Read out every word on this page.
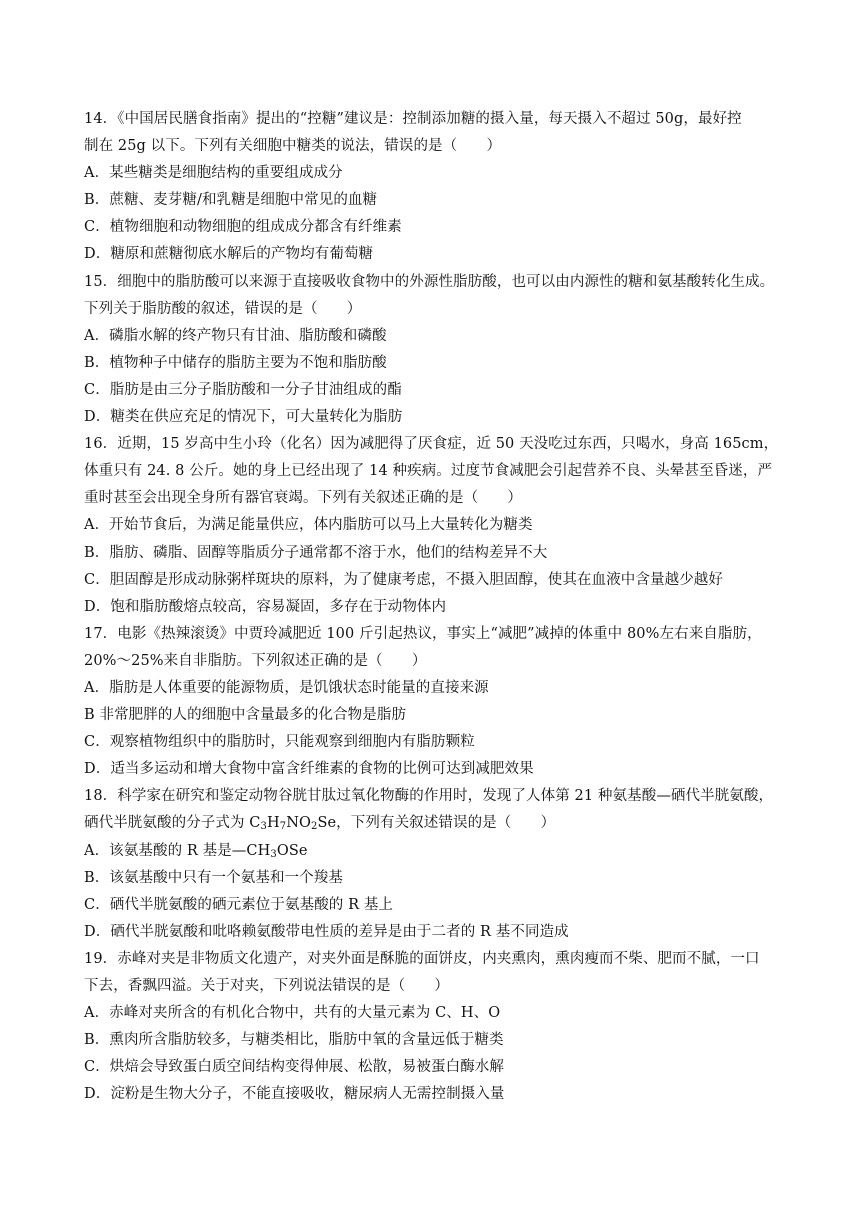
14．《中国居民膳食指南》提出的“控糖”建议是：控制添加糖的摄入量，每天摄入不超过 50g，最好控
制在 25g 以下。下列有关细胞中糖类的说法，错误的是（　　）
A．某些糖类是细胞结构的重要组成成分
B．蔗糖、麦芽糖/和乳糖是细胞中常见的血糖
C．植物细胞和动物细胞的组成成分都含有纤维素
D．糖原和蔗糖彻底水解后的产物均有葡萄糖
15．细胞中的脂肪酸可以来源于直接吸收食物中的外源性脂肪酸，也可以由内源性的糖和氨基酸转化生成。
下列关于脂肪酸的叙述，错误的是（　　）
A．磷脂水解的终产物只有甘油、脂肪酸和磷酸
B．植物种子中储存的脂肪主要为不饱和脂肪酸
C．脂肪是由三分子脂肪酸和一分子甘油组成的酯
D．糖类在供应充足的情况下，可大量转化为脂肪
16．近期，15 岁高中生小玲（化名）因为减肥得了厌食症，近 50 天没吃过东西，只喝水，身高 165cm，
体重只有 24. 8 公斤。她的身上已经出现了 14 种疾病。过度节食减肥会引起营养不良、头晕甚至昏迷，严
重时甚至会出现全身所有器官衰竭。下列有关叙述正确的是（　　）
A．开始节食后，为满足能量供应，体内脂肪可以马上大量转化为糖类
B．脂肪、磷脂、固醇等脂质分子通常都不溶于水，他们的结构差异不大
C．胆固醇是形成动脉粥样斑块的原料，为了健康考虑，不摄入胆固醇，使其在血液中含量越少越好
D．饱和脂肪酸熔点较高，容易凝固，多存在于动物体内
17．电影《热辣滚烫》中贾玲减肥近 100 斤引起热议，事实上“减肥”减掉的体重中 80%左右来自脂肪，
20%～25%来自非脂肪。下列叙述正确的是（　　）
A．脂肪是人体重要的能源物质，是饥饿状态时能量的直接来源
B 非常肥胖的人的细胞中含量最多的化合物是脂肪
C．观察植物组织中的脂肪时，只能观察到细胞内有脂肪颗粒
D．适当多运动和增大食物中富含纤维素的食物的比例可达到减肥效果
18．科学家在研究和鉴定动物谷胱甘肽过氧化物酶的作用时，发现了人体第 21 种氨基酸—硒代半胱氨酸，
硒代半胱氨酸的分子式为 $C_3H_7NO_2Se$，下列有关叙述错误的是（　　）
A．该氨基酸的 R 基是$—CH_3OSe$
B．该氨基酸中只有一个氨基和一个羧基
C．硒代半胱氨酸的硒元素位于氨基酸的 R 基上
D．硒代半胱氨酸和吡咯赖氨酸带电性质的差异是由于二者的 R 基不同造成
19．赤峰对夹是非物质文化遗产，对夹外面是酥脆的面饼皮，内夹熏肉，熏肉瘦而不柴、肥而不腻，一口
下去，香飘四溢。关于对夹，下列说法错误的是（　　）
A．赤峰对夹所含的有机化合物中，共有的大量元素为 C、H、O
B．熏肉所含脂肪较多，与糖类相比，脂肪中氧的含量远低于糖类
C．烘焙会导致蛋白质空间结构变得伸展、松散，易被蛋白酶水解
D．淀粉是生物大分子，不能直接吸收，糖尿病人无需控制摄入量
